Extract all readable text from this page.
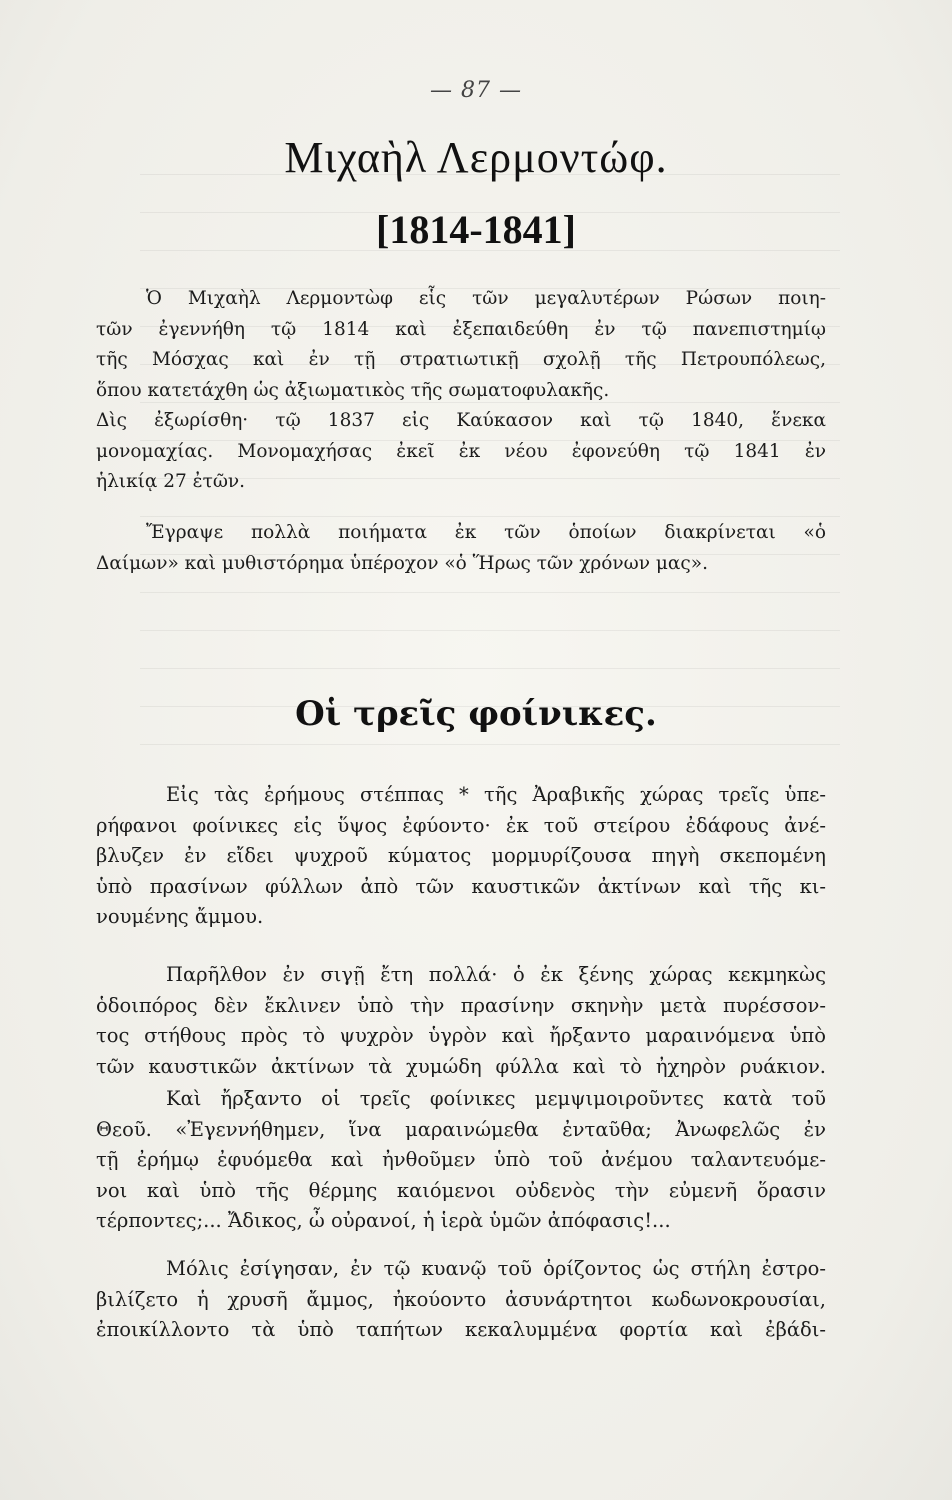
— 87 —
Μιχαὴλ Λερμοντώφ.
[1814-1841]
Ὁ Μιχαὴλ Λερμοντὼφ εἷς τῶν μεγαλυτέρων Ρώσων ποιη-
τῶν ἐγεννήθη τῷ 1814 καὶ ἐξεπαιδεύθη ἐν τῷ πανεπιστημίῳ
τῆς Μόσχας καὶ ἐν τῇ στρατιωτικῇ σχολῇ τῆς Πετρουπόλεως,
ὅπου κατετάχθη ὡς ἀξιωματικὸς τῆς σωματοφυλακῆς.
Δὶς ἐξωρίσθη· τῷ 1837 εἰς Καύκασον καὶ τῷ 1840, ἕνεκα
μονομαχίας. Μονομαχήσας ἐκεῖ ἐκ νέου ἐφονεύθη τῷ 1841 ἐν
ἡλικίᾳ 27 ἐτῶν.
Ἔγραψε πολλὰ ποιήματα ἐκ τῶν ὁποίων διακρίνεται «ὁ
Δαίμων» καὶ μυθιστόρημα ὑπέροχον «ὁ Ἥρως τῶν χρόνων μας».
Οἱ τρεῖς φοίνικες.
Εἰς τὰς ἐρήμους στέππας * τῆς Ἀραβικῆς χώρας τρεῖς ὑπε-
ρήφανοι φοίνικες εἰς ὕψος ἐφύοντο· ἐκ τοῦ στείρου ἐδάφους ἀνέ-
βλυζεν ἐν εἴδει ψυχροῦ κύματος μορμυρίζουσα πηγὴ σκεπομένη
ὑπὸ πρασίνων φύλλων ἀπὸ τῶν καυστικῶν ἀκτίνων καὶ τῆς κι-
νουμένης ἄμμου.
Παρῆλθον ἐν σιγῇ ἔτη πολλά· ὁ ἐκ ξένης χώρας κεκμηκὼς
ὁδοιπόρος δὲν ἔκλινεν ὑπὸ τὴν πρασίνην σκηνὴν μετὰ πυρέσσον-
τος στήθους πρὸς τὸ ψυχρὸν ὑγρὸν καὶ ἤρξαντο μαραινόμενα ὑπὸ
τῶν καυστικῶν ἀκτίνων τὰ χυμώδη φύλλα καὶ τὸ ἠχηρὸν ρυάκιον.
Καὶ ἤρξαντο οἱ τρεῖς φοίνικες μεμψιμοιροῦντες κατὰ τοῦ
Θεοῦ. «Ἐγεννήθημεν, ἵνα μαραινώμεθα ἐνταῦθα; Ἀνωφελῶς ἐν
τῇ ἐρήμῳ ἐφυόμεθα καὶ ἠνθοῦμεν ὑπὸ τοῦ ἀνέμου ταλαντευόμε-
νοι καὶ ὑπὸ τῆς θέρμης καιόμενοι οὐδενὸς τὴν εὐμενῆ ὅρασιν
τέρποντες;... Ἄδικος, ὦ οὐρανοί, ἡ ἱερὰ ὑμῶν ἀπόφασις!...
Μόλις ἐσίγησαν, ἐν τῷ κυανῷ τοῦ ὁρίζοντος ὡς στήλη ἐστρο-
βιλίζετο ἡ χρυσῆ ἄμμος, ἠκούοντο ἀσυνάρτητοι κωδωνοκρουσίαι,
ἐποικίλλοντο τὰ ὑπὸ ταπήτων κεκαλυμμένα φορτία καὶ ἐβάδι-
